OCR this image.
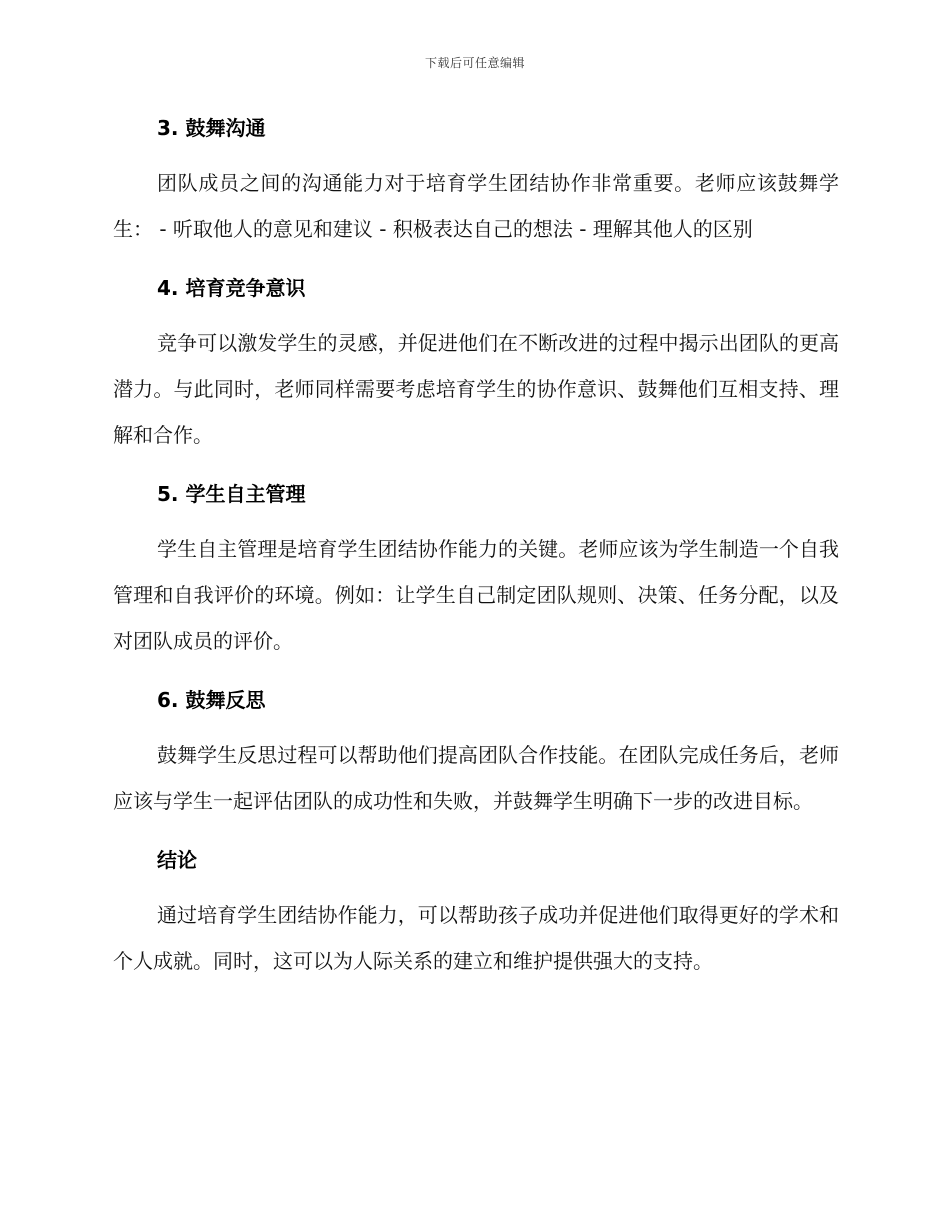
下载后可任意编辑
3. 鼓舞沟通

团队成员之间的沟通能力对于培育学生团结协作非常重要。老师应该鼓舞学生： - 听取他人的意见和建议 - 积极表达自己的想法 - 理解其他人的区别

4. 培育竞争意识

竞争可以激发学生的灵感，并促进他们在不断改进的过程中揭示出团队的更高潜力。与此同时，老师同样需要考虑培育学生的协作意识、鼓舞他们互相支持、理解和合作。

5. 学生自主管理

学生自主管理是培育学生团结协作能力的关键。老师应该为学生制造一个自我管理和自我评价的环境。例如：让学生自己制定团队规则、决策、任务分配，以及对团队成员的评价。

6. 鼓舞反思

鼓舞学生反思过程可以帮助他们提高团队合作技能。在团队完成任务后，老师应该与学生一起评估团队的成功性和失败，并鼓舞学生明确下一步的改进目标。

结论

通过培育学生团结协作能力，可以帮助孩子成功并促进他们取得更好的学术和个人成就。同时，这可以为人际关系的建立和维护提供强大的支持。
